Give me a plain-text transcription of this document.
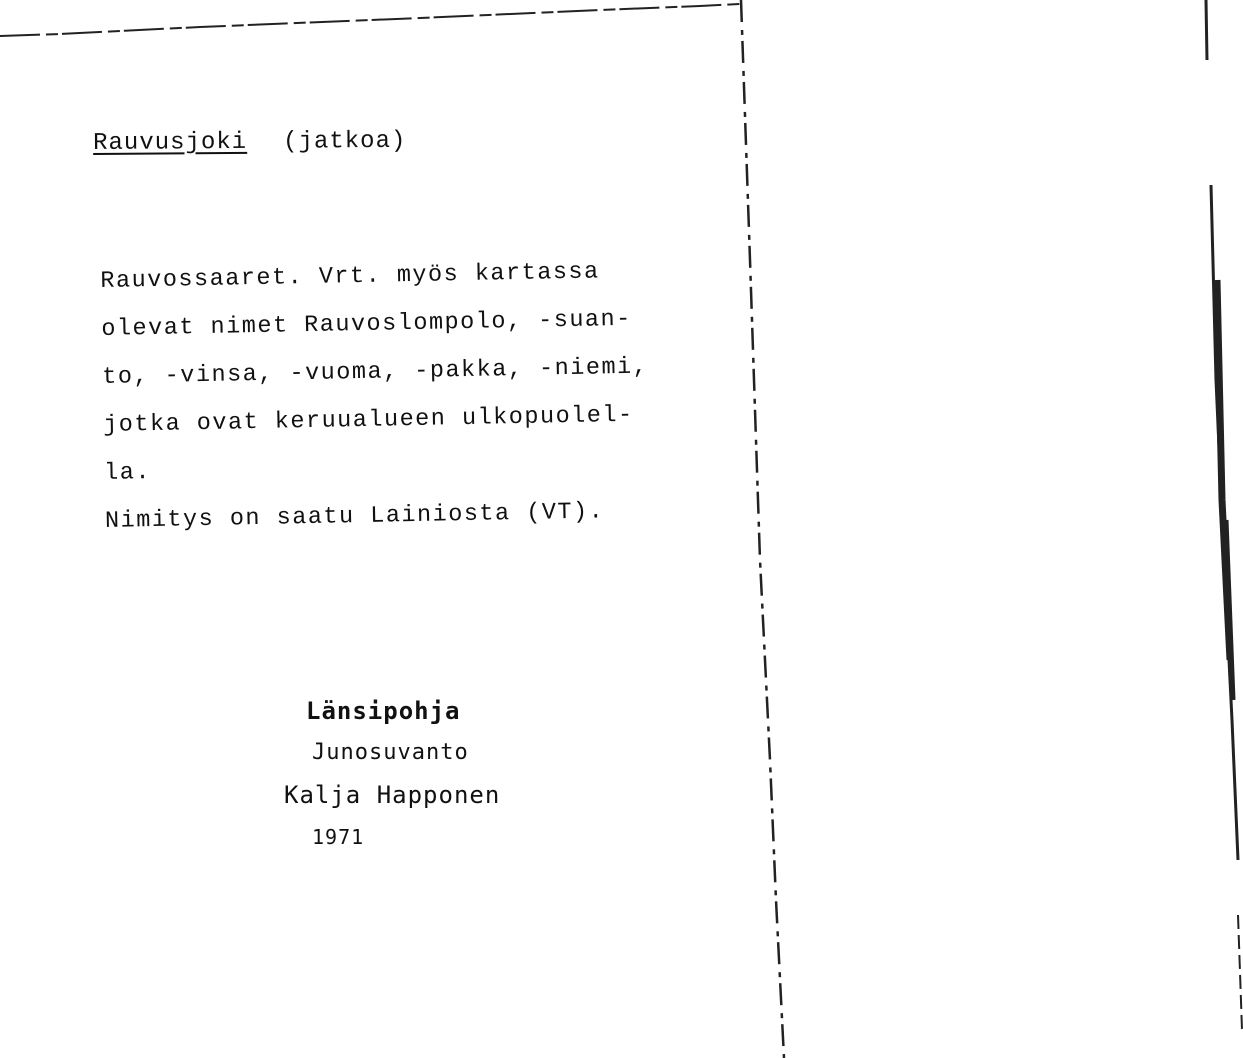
Rauvusjoki (jatkoa)
Rauvossaaret. Vrt. myös kartassa
olevat nimet Rauvoslompolo, -suan-
to, -vinsa, -vuoma, -pakka, -niemi,
jotka ovat keruualueen ulkopuolel-
la.
Nimitys on saatu Lainiosta (VT).
Länsipohja
Junosuvanto
Kalja Happonen
1971
